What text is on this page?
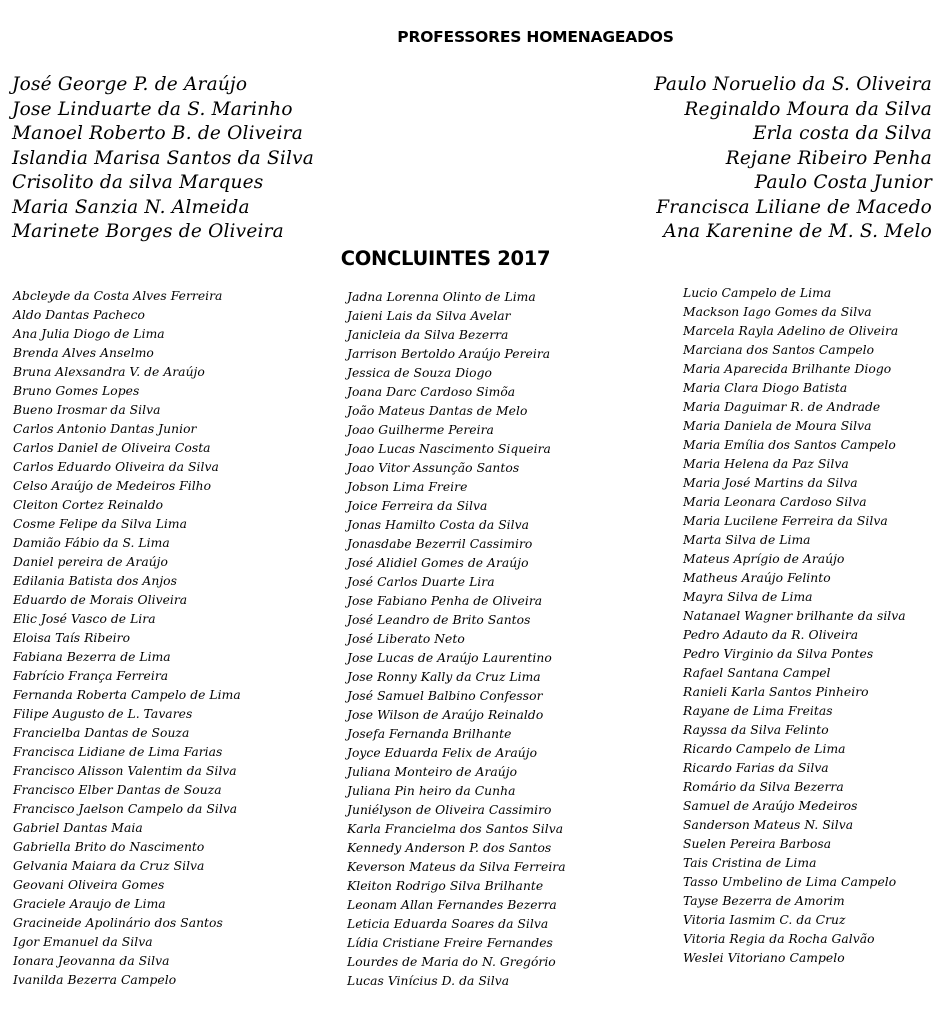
PROFESSORES HOMENAGEADOS
José George P. de Araújo
Jose Linduarte da S. Marinho
Manoel Roberto B. de Oliveira
Islandia Marisa Santos da Silva
Crisolito da silva Marques
Maria Sanzia N. Almeida
Marinete Borges de Oliveira
Paulo Noruelio da S. Oliveira
Reginaldo Moura da Silva
Erla costa da Silva
Rejane Ribeiro Penha
Paulo Costa Junior
Francisca Liliane de Macedo
Ana Karenine de M. S. Melo
CONCLUINTES 2017
Abcleyde da Costa Alves Ferreira
Aldo Dantas Pacheco
Ana Julia Diogo de Lima
Brenda Alves Anselmo
Bruna Alexsandra V. de Araújo
Bruno Gomes Lopes
Bueno Irosmar da Silva
Carlos Antonio Dantas Junior
Carlos Daniel de Oliveira Costa
Carlos Eduardo Oliveira da Silva
Celso Araújo de Medeiros Filho
Cleiton Cortez Reinaldo
Cosme Felipe da Silva Lima
Damião Fábio da S. Lima
Daniel pereira de Araújo
Edilania Batista dos Anjos
Eduardo de Morais Oliveira
Elic José Vasco de Lira
Eloisa Taís Ribeiro
Fabiana Bezerra de Lima
Fabrício França Ferreira
Fernanda Roberta Campelo de Lima
Filipe Augusto de L. Tavares
Francielba Dantas de Souza
Francisca Lidiane de Lima Farias
Francisco Alisson Valentim da Silva
Francisco Elber Dantas de Souza
Francisco Jaelson Campelo da Silva
Gabriel Dantas Maia
Gabriella Brito do Nascimento
Gelvania Maiara da Cruz Silva
Geovani Oliveira Gomes
Graciele Araujo de Lima
Gracineide Apolinário dos Santos
Igor Emanuel da Silva
Ionara Jeovanna da Silva
Ivanilda Bezerra Campelo
Jadna Lorenna Olinto de Lima
Jaieni Lais da Silva Avelar
Janicleia da Silva Bezerra
Jarrison Bertoldo Araújo Pereira
Jessica de Souza Diogo
Joana Darc Cardoso Simõa
João Mateus Dantas de Melo
Joao Guilherme Pereira
Joao Lucas Nascimento Siqueira
Joao Vitor Assunção Santos
Jobson Lima Freire
Joice Ferreira da Silva
Jonas Hamilto Costa da Silva
Jonasdabe Bezerril Cassimiro
José Alidiel Gomes de Araújo
José Carlos Duarte Lira
Jose Fabiano Penha de Oliveira
José Leandro de Brito Santos
José Liberato Neto
Jose Lucas de Araújo Laurentino
Jose Ronny Kally da Cruz Lima
José Samuel Balbino Confessor
Jose Wilson de Araújo Reinaldo
Josefa Fernanda Brilhante
Joyce Eduarda Felix de Araújo
Juliana Monteiro de Araújo
Juliana Pin heiro da Cunha
Juniélyson de Oliveira Cassimiro
Karla Francielma dos Santos Silva
Kennedy Anderson P. dos Santos
Keverson Mateus da Silva Ferreira
Kleiton Rodrigo Silva Brilhante
Leonam Allan Fernandes Bezerra
Leticia Eduarda Soares da Silva
Lídia Cristiane Freire Fernandes
Lourdes de Maria do N. Gregório
Lucas Vinícius D. da Silva
Lucio Campelo de Lima
Mackson Iago Gomes da Silva
Marcela Rayla Adelino de Oliveira
Marciana dos Santos Campelo
Maria Aparecida Brilhante Diogo
Maria Clara Diogo Batista
Maria Daguimar R. de Andrade
Maria Daniela de Moura Silva
Maria Emília dos Santos Campelo
Maria Helena da Paz Silva
Maria José Martins da Silva
Maria Leonara Cardoso Silva
Maria Lucilene Ferreira da Silva
Marta Silva de Lima
Mateus Aprígio de Araújo
Matheus Araújo Felinto
Mayra Silva de Lima
Natanael Wagner brilhante da silva
Pedro Adauto da R. Oliveira
Pedro Virginio da Silva Pontes
Rafael Santana Campel
Ranieli Karla Santos Pinheiro
Rayane de Lima Freitas
Rayssa da Silva Felinto
Ricardo Campelo de Lima
Ricardo Farias da Silva
Romário da Silva Bezerra
Samuel de Araújo Medeiros
Sanderson Mateus N. Silva
Suelen Pereira Barbosa
Tais Cristina de Lima
Tasso Umbelino de Lima Campelo
Tayse Bezerra de Amorim
Vitoria Iasmim C. da Cruz
Vitoria Regia da Rocha Galvão
Weslei Vitoriano Campelo
